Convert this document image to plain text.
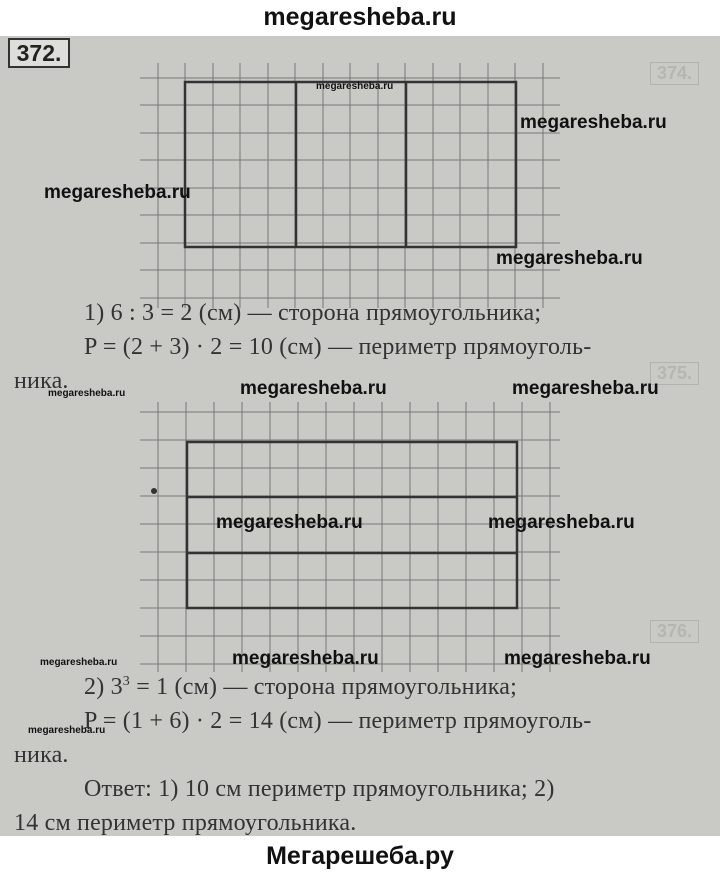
megaresheba.ru
374.
375.
376.
372.
1) 6 : 3 = 2 (см) — сторона прямоугольника;
P = (2 + 3) · 2 = 10 (см) — периметр прямоуголь-
ника.
2) $3^3 = 1$ (см) — сторона прямоугольника;
P = (1 + 6) · 2 = 14 (см) — периметр прямоуголь-
ника.
Ответ: 1) 10 см периметр прямоугольника; 2)
14 см периметр прямоугольника.
megaresheba.ru
megaresheba.ru
megaresheba.ru
megaresheba.ru
megaresheba.ru	megaresheba.ru	megaresheba.ru
megaresheba.ru	megaresheba.ru
megaresheba.ru	megaresheba.ru	megaresheba.ru
megaresheba.ru
Мегарешеба.ру
